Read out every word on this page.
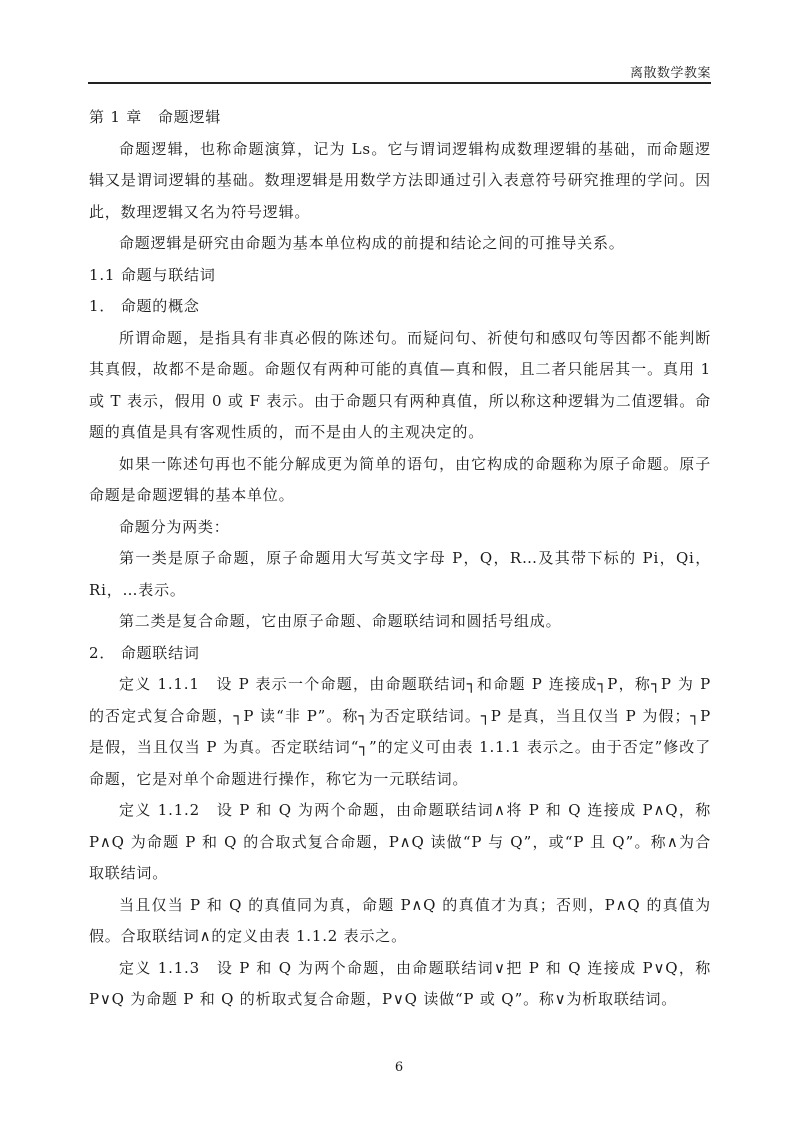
离散数学教案

第 1 章　命题逻辑

命题逻辑，也称命题演算，记为 Ls。它与谓词逻辑构成数理逻辑的基础，而命题逻辑又是谓词逻辑的基础。数理逻辑是用数学方法即通过引入表意符号研究推理的学问。因此，数理逻辑又名为符号逻辑。

命题逻辑是研究由命题为基本单位构成的前提和结论之间的可推导关系。

1.1 命题与联结词

1． 命题的概念

所谓命题，是指具有非真必假的陈述句。而疑问句、祈使句和感叹句等因都不能判断其真假，故都不是命题。命题仅有两种可能的真值—真和假，且二者只能居其一。真用 1 或 T 表示，假用 0 或 F 表示。由于命题只有两种真值，所以称这种逻辑为二值逻辑。命题的真值是具有客观性质的，而不是由人的主观决定的。

如果一陈述句再也不能分解成更为简单的语句，由它构成的命题称为原子命题。原子命题是命题逻辑的基本单位。

命题分为两类：

第一类是原子命题，原子命题用大写英文字母 P，Q，R…及其带下标的 Pi，Qi，Ri，…表示。

第二类是复合命题，它由原子命题、命题联结词和圆括号组成。

2． 命题联结词

定义 1.1.1　设 P 表示一个命题，由命题联结词┐和命题 P 连接成┐P，称┐P 为 P 的否定式复合命题，┐P 读“非 P”。称┐为否定联结词。┐P 是真，当且仅当 P 为假；┐P 是假，当且仅当 P 为真。否定联结词“┐”的定义可由表 1.1.1 表示之。由于否定”修改了命题，它是对单个命题进行操作，称它为一元联结词。

定义 1.1.2　设 P 和 Q 为两个命题，由命题联结词∧将 P 和 Q 连接成 P∧Q，称 P∧Q 为命题 P 和 Q 的合取式复合命题，P∧Q 读做“P 与 Q”，或“P 且 Q”。称∧为合取联结词。

当且仅当 P 和 Q 的真值同为真，命题 P∧Q 的真值才为真；否则，P∧Q 的真值为假。合取联结词∧的定义由表 1.1.2 表示之。

定义 1.1.3　设 P 和 Q 为两个命题，由命题联结词∨把 P 和 Q 连接成 P∨Q，称 P∨Q 为命题 P 和 Q 的析取式复合命题，P∨Q 读做“P 或 Q”。称∨为析取联结词。

6
